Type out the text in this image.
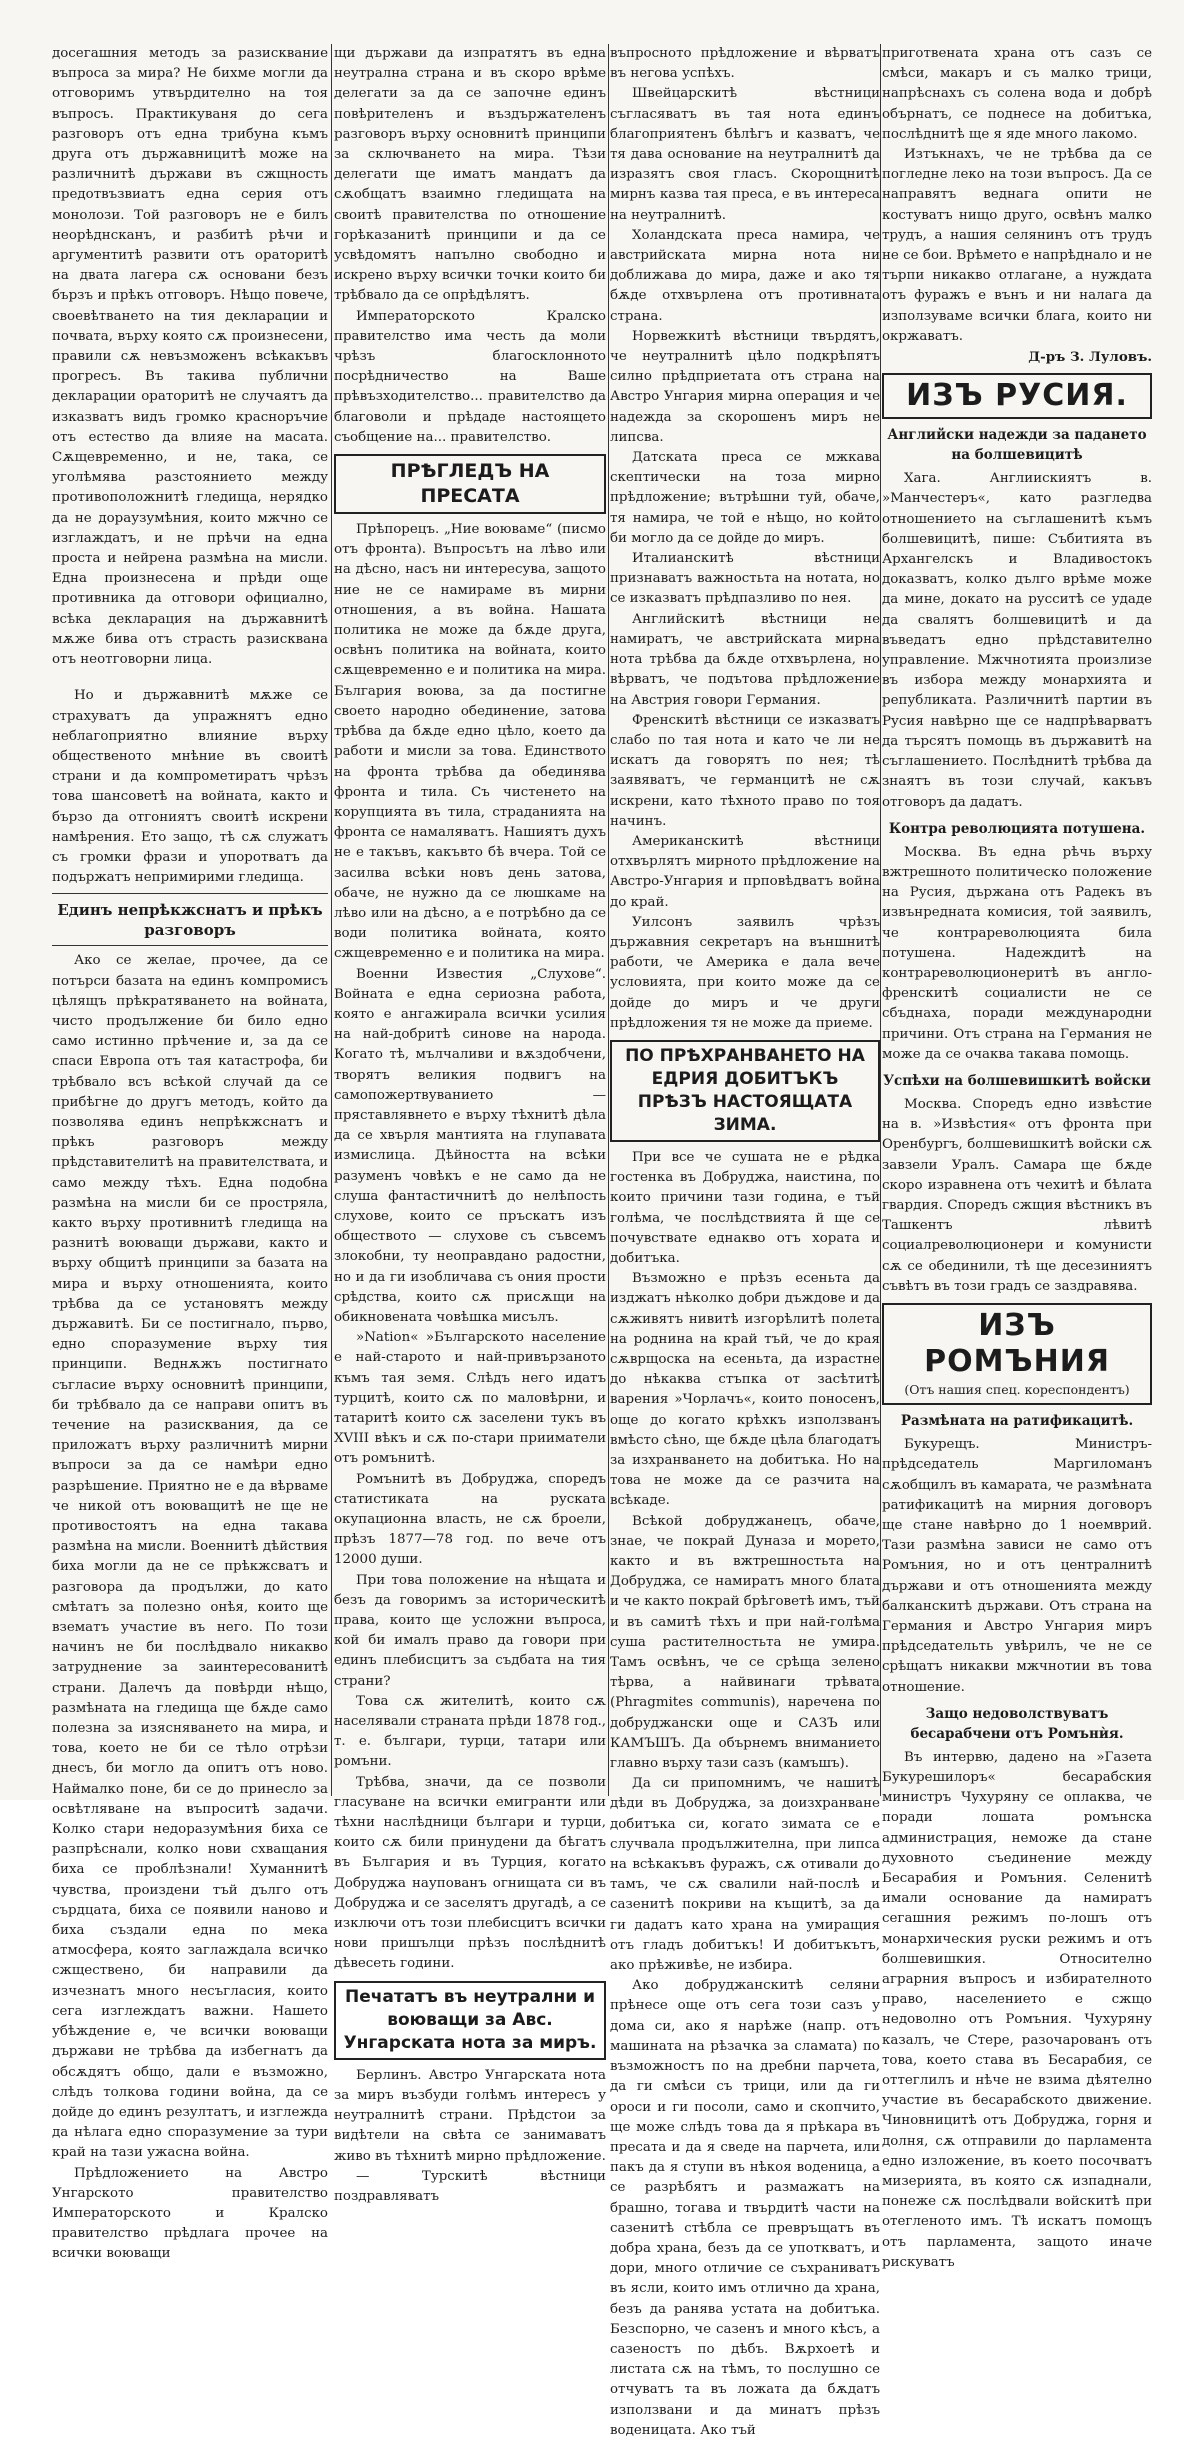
досегашния методъ за разисквание въпроса за мира? Не бихме могли да отговоримъ утвърдително на тоя въпросъ. Практикуваня до сега разговоръ отъ една трибуна къмъ друга отъ държавницитѣ може на различнитѣ държави въ сжщность предотвъзвиатъ една серия отъ монолози. Той разговоръ не е билъ неорѣднсканъ, и разбитѣ рѣчи и аргументитѣ развити отъ ораторитѣ на двата лагера сѫ основани безъ бързъ и прѣкъ отговоръ. Нѣщо повече, своевѣтването на тия декларации и почвата, върху която сѫ произнесени, правили сѫ невъзможенъ всѣкакъвъ прогресъ. Въ такива публични декларации ораторитѣ не случаятъ да изказватъ видъ громко красноръчие отъ естество да влияе на масата. Сѫщевременно, и не, така, се уголѣмява разстоянието между противоположнитѣ гледища, нерядко да не дораузумѣния, които мжчно се изглаждатъ, и не прѣчи на една проста и нейрена размѣна на мисли. Една произнесена и прѣди още противника да отговори официално, всѣка декларация на държавнитѣ мѫже бива отъ страсть разисквана отъ неотговорни лица.

Но и държавнитѣ мѫже се страхуватъ да упражнятъ едно неблагоприятно влияние върху общественото мнѣние въ своитѣ страни и да компрометиратъ чрѣзъ това шансоветѣ на войната, както и бързо да отгониятъ своитѣ искрени намѣрения. Ето защо, тѣ сѫ служатъ съ громки фрази и упоротватъ да подържатъ непримирими гледища.

Единъ непрѣкжснатъ и прѣкъ разговоръ

Ако се желае, прочее, да се потърси базата на единъ компромисъ цѣлящъ прѣкратяването на войната, чисто продължение би било едно само истинно прѣчение и, за да се спаси Европа отъ тая катастрофа, би трѣбвало всъ всѣкой случай да се прибѣгне до другъ методъ, който да позволява единъ непрѣкжснатъ и прѣкъ разговоръ между прѣдставителитѣ на правителствата, и само между тѣхъ. Една подобна размѣна на мисли би се простряла, както върху противнитѣ гледища на разнитѣ воюващи държави, както и върху общитѣ принципи за базата на мира и върху отношенията, които трѣбва да се установятъ между държавитѣ. Би се постигнало, първо, едно споразумение върху тия принципи. Веднѫжъ постигнато съгласие върху основнитѣ принципи, би трѣбвало да се направи опитъ въ течение на разисквания, да се приложатъ върху различнитѣ мирни въпроси за да се намѣри едно разрѣшение. Приятно не е да вѣрваме че никой отъ воюващитѣ не ще не противостоятъ на една такава размѣна на мисли. Военнитѣ дѣйствия биха могли да не се прѣкжсватъ и разговора да продължи, до като смѣтатъ за полезно онѣя, които ще взематъ участие въ него. По този начинъ не би послѣдвало никакво затруднение за заинтересованитѣ страни. Далечъ да повѣрди нѣщо, размѣната на гледища ще бѫде само полезна за изясняването на мира, и това, което не би се тѣло отрѣзи днесъ, би могло да опитъ отъ ново. Наймалко поне, би се до принесло за освѣтляване на въпроситѣ задачи. Колко стари недоразумѣния биха се разпрѣснали, колко нови схващания биха се проблѣзнали! Хуманнитѣ чувства, произдени тъй дълго отъ сърдцата, биха се появили наново и биха създали една по мека атмосфера, която заглаждала всичко сжществено, би направили да изчезнатъ много несъгласия, които сега изглеждатъ важни. Нашето убѣждение е, че всички воюващи държави не трѣбва да избегнатъ да обсѫдятъ общо, дали е възможно, слѣдъ толкова години война, да се дойде до единъ резултатъ, и изглежда да нѣлага едно споразумение за тури край на тази ужасна война.

Прѣдложението на Австро Унгарското правителство Императорското и Кралско правителство прѣдлага прочее на всички воюващи

щи държави да изпратятъ въ една неутрална страна и въ скоро врѣме делегати за да се започне единъ повѣрителенъ и въздържателенъ разговоръ върху основнитѣ принципи за сключването на мира. Тѣзи делегати ще иматъ мандатъ да сѫобщатъ взаимно гледищата на своитѣ правителства по отношение горѣказанитѣ принципи и да се усвѣдомятъ напълно свободно и искрено върху всички точки които би трѣбвало да се опрѣдѣлятъ.

Императорското Кралско правителство има честь да моли чрѣзъ благосклонното посрѣдничество на Ваше прѣвъзходителство... правителство да благоволи и прѣдаде настоящето съобщение на... правителство.

ПРѢГЛЕДЪ НА ПРЕСАТА

Прѣпорецъ. „Ние воюваме“ (писмо отъ фронта). Въпросътъ на лѣво или на дѣсно, насъ ни интересува, защото ние не се намираме въ мирни отношения, а въ война. Нашата политика не може да бѫде друга, освѣнъ политика на войната, които сѫщевременно е и политика на мира. България воюва, за да постигне своето народно обединение, затова трѣбва да бѫде едно цѣло, което да работи и мисли за това. Единството на фронта трѣбва да обединява фронта и тила. Съ чистенето на корупцията въ тила, страданията на фронта се намаляватъ. Нашиятъ духъ не е такъвъ, какъвто бѣ вчера. Той се засилва всѣки новъ день затова, обаче, не нужно да се люшкаме на лѣво или на дѣсно, а е потрѣбно да се води политика войната, която сжщевременно е и политика на мира.

Военни Известия „Слухове“. Войната е една сериозна работа, която е ангажирала всички усилия на най-добритѣ синове на народа. Когато тѣ, мълчаливи и вѫздобчени, творятъ великия подвигъ на самопожертвуванието — пряставлявнето е върху тѣхнитѣ дѣла да се хвърля мантията на глупавата измислица. Дѣйността на всѣки разуменъ човѣкъ е не само да не слуша фантастичнитѣ до нелѣпость слухове, които се пръскатъ изъ обществото — слухове съ съвсемъ злокобни, ту неоправдано радостни, но и да ги изобличава съ ония прости срѣдства, които сѫ присѫщи на обикновената човѣшка мисълъ.

»Nation« »Българското население е най-старото и най-привързаното къмъ тая земя. Слѣдъ него идатъ турцитѣ, които сѫ по маловѣрни, и татаритѣ които сѫ заселени тукъ въ XVIII вѣкъ и сѫ по-стари прииматели отъ ромънитѣ.

Ромънитѣ въ Добруджа, споредъ статистиката на руската окупационна власть, не сѫ броели, прѣзъ 1877—78 год. по вече отъ 12000 души.

При това положение на нѣщата и безъ да говоримъ за историческитѣ права, които ще усложни въпроса, кой би ималъ право да говори при единъ плебисцитъ за съдбата на тия страни?

Това сѫ жителитѣ, които сѫ населявали страната прѣди 1878 год., т. е. българи, турци, татари или ромъни.

Трѣбва, значи, да се позволи гласуване на всички емигранти или тѣхни наслѣдници българи и турци, които сѫ били принудени да бѣгатъ въ България и въ Турция, когато Добруджа наупованъ огнищата си въ Добруджа и се заселятъ другадѣ, а се изключи отъ този плебисцитъ всички нови пришълци прѣзъ послѣднитѣ дѣвесеть години.

Печататъ въ неутрални и воюващи за Авс. Унгарската нота за миръ.

Берлинъ. Австро Унгарската нота за миръ възбуди голѣмъ интересъ у неутралнитѣ страни. Прѣдстои за видѣтели на свѣта се занимаватъ живо въ тѣхнитѣ мирно прѣдложение.

— Турскитѣ вѣстници поздравляватъ

въпросното прѣдложение и вѣрватъ въ негова успѣхъ.

Швейцарскитѣ вѣстници съгласяватъ въ тая нота единъ благоприятенъ бѣлѣгъ и казватъ, че тя дава основание на неутралнитѣ да изразятъ своя гласъ. Скорощнитѣ мирнъ казва тая преса, е въ интереса на неутралнитѣ.

Холандската преса намира, че австрийската мирна нота ни доближава до мира, даже и ако тя бѫде отхвърлена отъ противната страна.

Норвежкитѣ вѣстници твърдятъ, че неутралнитѣ цѣло подкрѣпятъ силно прѣдприетата отъ страна на Австро Унгария мирна операция и че надежда за скорошенъ миръ не липсва.

Датската преса се мжкава скептически на тоза мирно прѣдложение; вътрѣшни туй, обаче, тя намира, че той е нѣщо, но който би могло да се дойде до миръ.

Италианскитѣ вѣстници признаватъ важностьта на нотата, но се изказватъ прѣдпазливо по нея.

Английскитѣ вѣстници не намиратъ, че австрийската мирна нота трѣбва да бѫде отхвърлена, но вѣрватъ, че подътова прѣдложение на Австрия говори Германия.

Френскитѣ вѣстници се изказватъ слабо по тая нота и като че ли не искатъ да говорятъ по нея; тѣ заявяватъ, че германцитѣ не сѫ искрени, като тѣхното право по тоя начинъ.

Американскитѣ вѣстници отхвърлятъ мирното прѣдложение на Австро-Унгария и прповѣдватъ война до край.

Уилсонъ заявилъ чрѣзъ държавния секретаръ на външнитѣ работи, че Америка е дала вече условията, при които може да се дойде до миръ и че други прѣдложения тя не може да приеме.

ПО ПРѢХРАНВАНЕТО НА ЕДРИЯ ДОБИТЪКЪ ПРѢЗЪ НАСТОЯЩАТА ЗИМА.

При все че сушата не е рѣдка гостенка въ Добруджа, наистина, по които причини тази година, е тъй голѣма, че послѣдствията й ще се почувствате еднакво отъ хората и добитъка.

Възможно е прѣзъ есеньта да изджатъ нѣколко добри дъждове и да сѫживятъ нивитѣ изгорѣлитѣ полета на роднина на край тъй, че до края сѫврщоска на есеньта, да израстне до нѣкаква стъпка от засѣтитѣ варения »Чорлачъ«, които поносенъ, още до когато крѣхкъ използванъ вмѣсто сѣно, ще бѫде цѣла благодатъ за изхранването на добитъка. Но на това не може да се разчита на всѣкаде.

Всѣкой добруджанецъ, обаче, знае, че покрай Дуназа и морето, както и въ вжтрешностьта на Добруджа, се намиратъ много блата и че както покрай брѣговетѣ имъ, тъй и въ самитѣ тѣхъ и при най-голѣма суша растителностьта не умира. Тамъ освѣнъ, че се срѣща зелено тѣрва, а найвинаги трѣвата (Phragmites communis), наречена по добруджански още и САЗЪ или КАМЪШЪ. Да обърнемъ вниманието главно върху тази сазъ (камъшъ).

Да си припомнимъ, че нашитѣ дѣди въ Добруджа, за доизхранване добитъка си, когато зимата се е случвала продължителна, при липса на всѣкакъвъ фуражъ, сѫ отивали до тамъ, че сѫ свалили най-послѣ и сазенитѣ покриви на къщитѣ, за да ги дадатъ като храна на умиращия отъ гладъ добитъкъ! И добитъкътъ, ако прѣживѣе, не избира.

Ако добруджанскитѣ селяни прѣнесе още отъ сега този сазъ у дома си, ако я нарѣже (напр. отъ машината на рѣзачка за сламата) по възможностъ по на дребни парчета, да ги смѣси съ трици, или да ги ороси и ги посоли, само и скопчито, ще може слѣдъ това да я прѣкара въ пресата и да я сведе на парчета, или пакъ да я ступи въ нѣкоя воденица, а се разрѣбятъ и размажатъ на брашно, тогава и твърдитѣ части на сазенитѣ стѣбла се превръщатъ въ добра храна, безъ да се употкватъ, и дори, много отличие се съхраниватъ въ ясли, които имъ отлично да храна, безъ да ранява устата на добитъка. Безспорно, че сазенъ и много кѣсъ, а сазеностъ по дѣбъ. Вѫрхоетѣ и листата сѫ на тѣмъ, то послушно се отчуватъ та въ ложата да бѫдатъ използвани и да минатъ прѣзъ воденицата. Ако тъй

приготвената храна отъ сазъ се смѣси, макаръ и съ малко трици, напрѣснахъ съ солена вода и добрѣ обърнатъ, се поднесе на добитъка, послѣднитѣ ще я яде много лакомо.

Изтъкнахъ, че не трѣбва да се погледне леко на този въпросъ. Да се направятъ веднага опити не костуватъ нищо друго, освѣнъ малко трудъ, а нашия селянинъ отъ трудъ не се бои. Врѣмето е напрѣднало и не търпи никакво отлагане, а нуждата отъ фуражъ е вънъ и ни налага да използуваме всички блага, които ни окржаватъ.

Д-ръ З. Луловъ.
ИЗЪ РУСИЯ.
Английски надежди за падането на болшевицитѣ

Хага. Англиискиятъ в. »Манчестеръ«, като разгледва отношението на съглашенитѣ къмъ болшевицитѣ, пише: Събитията въ Архангелскъ и Владивостокъ доказватъ, колко дълго врѣме може да мине, докато на русситѣ се удаде да свалятъ болшевицитѣ и да въведатъ едно прѣдставително управление. Мжчнотията произлизе въ избора между монархията и републиката. Различнитѣ партии въ Русия навѣрно ще се надпрѣварватъ да търсятъ помощь въ държавитѣ на съглашението. Послѣднитѣ трѣбва да знаятъ въ този случай, какъвъ отговоръ да дадатъ.

Контра революцията потушена.

Москва. Въ една рѣчь върху вжтрешното политическо положение на Русия, държана отъ Радекъ въ извънредната комисия, той заявилъ, че контрареволюцията била потушена. Надеждитѣ на контрареволюционеритѣ въ англо-френскитѣ социалисти не се сбъднаха, поради международни причини. Отъ страна на Германия не може да се очаква такава помощь.

Успѣхи на болшевишкитѣ войски

Москва. Споредъ едно извѣстие на в. »Извѣстия« отъ фронта при Оренбургъ, болшевишкитѣ войски сѫ завзели Уралъ. Самара ще бѫде скоро изравнена отъ чехитѣ и бѣлата гвардия. Споредъ сжщия вѣстникъ въ Ташкентъ лѣвитѣ социалреволюционери и комунисти сѫ се обединили, тѣ ще десезиниятъ съвѣтъ въ този градъ се заздравява.

ИЗЪ РОМЪНИЯ
(Отъ нашия спец. кореспондентъ)
Размѣната на ратификацитѣ.

Букурещъ. Министръ-прѣдседатель Маргиломанъ сѫобщилъ въ камарата, че размѣната ратификацитѣ на мирния договоръ ще стане навѣрно до 1 ноемврий. Тази размѣна зависи не само отъ Ромъния, но и отъ централнитѣ държави и отъ отношенията между балканскитѣ държави. Отъ страна на Германия и Австро Унгария миръ прѣдседательть увѣрилъ, че не се срѣщатъ никакви мжчнотии въ това отношение.

Защо недоволствуватъ бесарабчени отъ Ромънѝя.

Въ интервю, дадено на »Газета Букурешилоръ« бесарабския министръ Чухуряну се оплаква, че поради лошата ромънска администрация, неможе да стане духовното съединение между Бесарабия и Ромъния. Селенитѣ имали основание да намиратъ сегашния режимъ по-лошъ отъ монархическия руски режимъ и отъ болшевишкия. Относително аграрния въпросъ и избирателното право, населението е сжщо недоволно отъ Ромъния. Чухуряну казалъ, че Стере, разочарованъ отъ това, което става въ Бесарабия, се оттеглилъ и нѣче не взима дѣятелно участие въ бесарабското движение. Чиновницитѣ отъ Добруджа, горня и долня, сѫ отправили до парламента едно изложение, въ което посочватъ мизерията, въ която сѫ изпаднали, понеже сѫ послѣдвали войскитѣ при отегленото имъ. Тѣ искатъ помощъ отъ парламента, защото иначе рискуватъ
